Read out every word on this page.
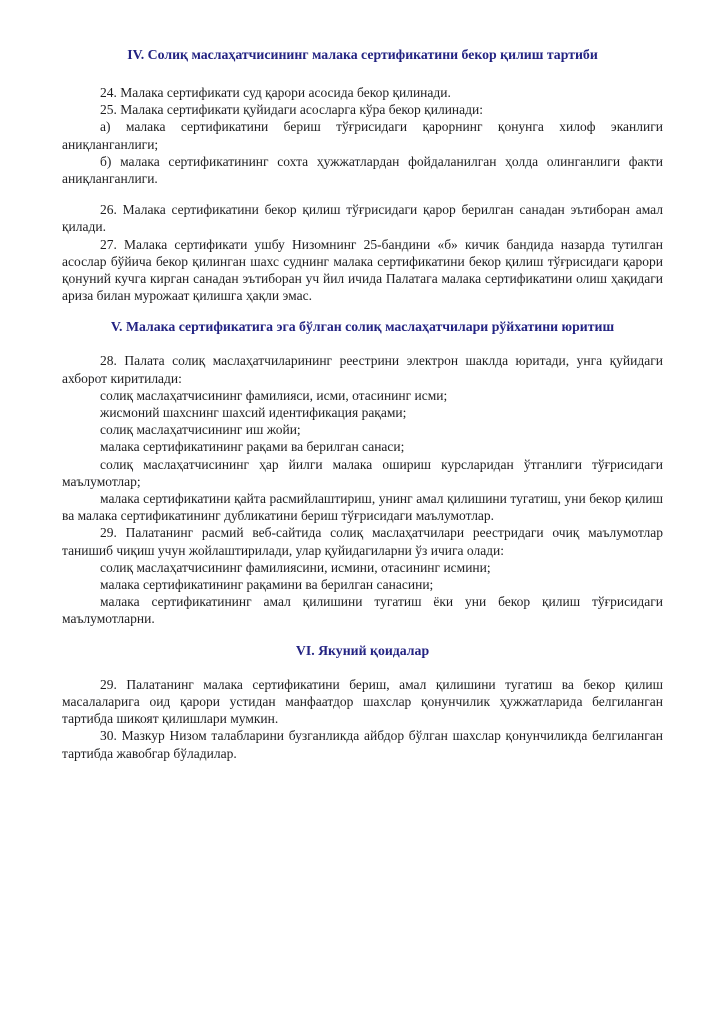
IV. Солиқ маслаҳатчисининг малака сертификатини бекор қилиш тартиби

24. Малака сертификати суд қарори асосида бекор қилинади.

25. Малака сертификати қуйидаги асосларга кўра бекор қилинади:

а) малака сертификатини бериш тўғрисидаги қарорнинг қонунга хилоф эканлиги аниқланганлиги;

б) малака сертификатининг сохта ҳужжатлардан фойдаланилган ҳолда олинганлиги факти аниқланганлиги.

26. Малака сертификатини бекор қилиш тўғрисидаги қарор берилган санадан эътиборан амал қилади.

27. Малака сертификати ушбу Низомнинг 25-бандини «б» кичик бандида назарда тутилган асослар бўйича бекор қилинган шахс суднинг малака сертификатини бекор қилиш тўғрисидаги қарори қонуний кучга кирган санадан эътиборан уч йил ичида Палатага малака сертификатини олиш ҳақидаги ариза билан мурожаат қилишга ҳақли эмас.

V. Малака сертификатига эга бўлган солиқ маслаҳатчилари рўйхатини юритиш

28. Палата солиқ маслаҳатчиларининг реестрини электрон шаклда юритади, унга қуйидаги ахборот киритилади:

солиқ маслаҳатчисининг фамилияси, исми, отасининг исми;

жисмоний шахснинг шахсий идентификация рақами;

солиқ маслаҳатчисининг иш жойи;

малака сертификатининг рақами ва берилган санаси;

солиқ маслаҳатчисининг ҳар йилги малака ошириш курсларидан ўтганлиги тўғрисидаги маълумотлар;

малака сертификатини қайта расмийлаштириш, унинг амал қилишини тугатиш, уни бекор қилиш ва малака сертификатининг дубликатини бериш тўғрисидаги маълумотлар.

29. Палатанинг расмий веб-сайтида солиқ маслаҳатчилари реестридаги очиқ маълумотлар танишиб чиқиш учун жойлаштирилади, улар қуйидагиларни ўз ичига олади:

солиқ маслаҳатчисининг фамилиясини, исмини, отасининг исмини;

малака сертификатининг рақамини ва берилган санасини;

малака сертификатининг амал қилишини тугатиш ёки уни бекор қилиш тўғрисидаги маълумотларни.

VI. Якуний қоидалар

29. Палатанинг малака сертификатини бериш, амал қилишини тугатиш ва бекор қилиш масалаларига оид қарори устидан манфаатдор шахслар қонунчилик ҳужжатларида белгиланган тартибда шикоят қилишлари мумкин.

30. Мазкур Низом талабларини бузганликда айбдор бўлган шахслар қонунчиликда белгиланган тартибда жавобгар бўладилар.
